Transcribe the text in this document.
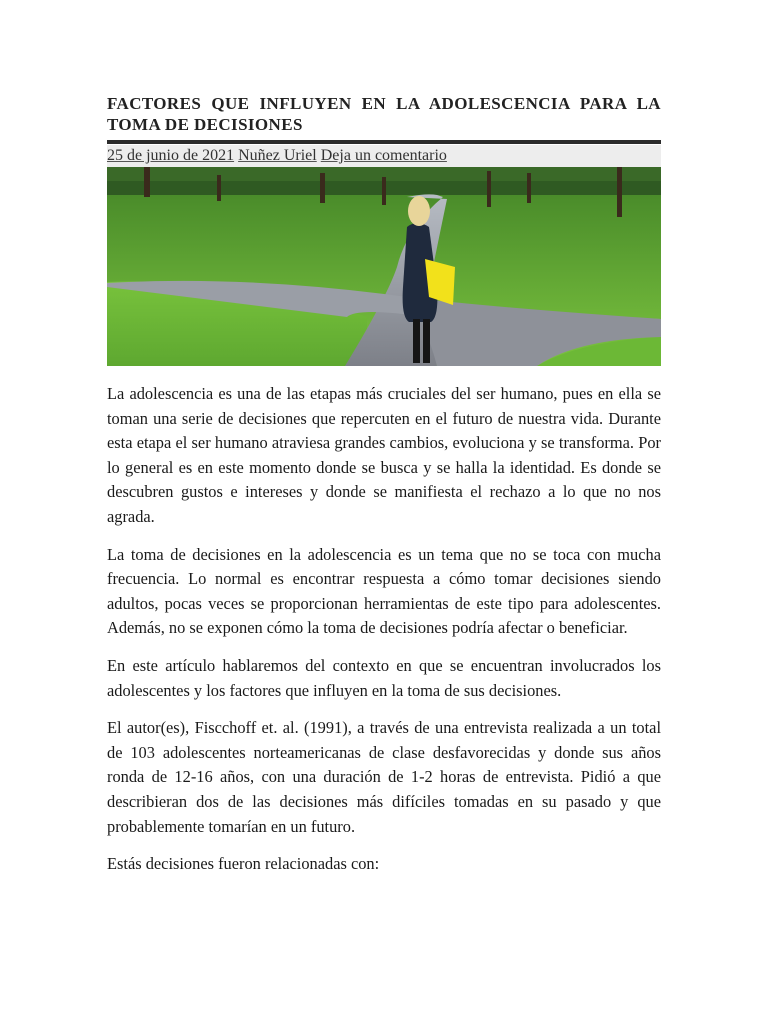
FACTORES QUE INFLUYEN EN LA ADOLESCENCIA PARA LA TOMA DE DECISIONES
25 de junio de 2021 Nuñez Uriel Deja un comentario

La adolescencia es una de las etapas más cruciales del ser humano, pues en ella se toman una serie de decisiones que repercuten en el futuro de nuestra vida. Durante esta etapa el ser humano atraviesa grandes cambios, evoluciona y se transforma. Por lo general es en este momento donde se busca y se halla la identidad. Es donde se descubren gustos e intereses y donde se manifiesta el rechazo a lo que no nos agrada.

La toma de decisiones en la adolescencia es un tema que no se toca con mucha frecuencia. Lo normal es encontrar respuesta a cómo tomar decisiones siendo adultos, pocas veces se proporcionan herramientas de este tipo para adolescentes. Además, no se exponen cómo la toma de decisiones podría afectar o beneficiar.

En este artículo hablaremos del contexto en que se encuentran involucrados los adolescentes y los factores que influyen en la toma de sus decisiones.

El autor(es), Fiscchoff et. al. (1991), a través de una entrevista realizada a un total de 103 adolescentes norteamericanas de clase desfavorecidas y donde sus años ronda de 12-16 años, con una duración de 1-2 horas de entrevista. Pidió a que describieran dos de las decisiones más difíciles tomadas en su pasado y que probablemente tomarían en un futuro.

Estás decisiones fueron relacionadas con:
